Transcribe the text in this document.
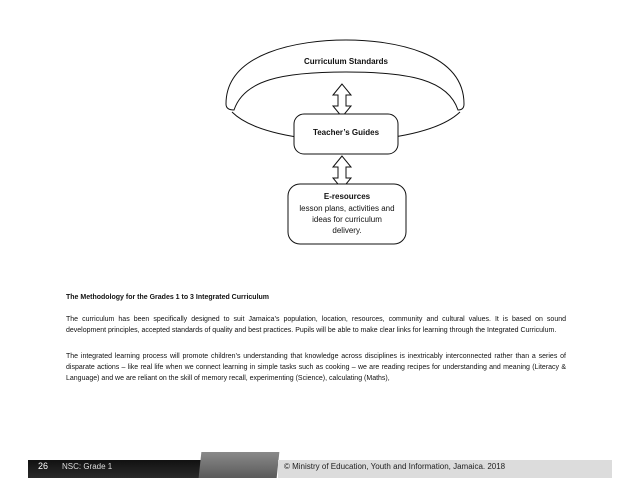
Curriculum Standards
Teacher’s Guides
E-resources
lesson plans, activities and
ideas for curriculum
delivery.
The Methodology for the Grades 1 to 3 Integrated Curriculum
The curriculum has been specifically designed to suit Jamaica’s population, location, resources, community and cultural values. It is based on sound development principles, accepted standards of quality and best practices. Pupils will be able to make clear links for learning through the Integrated Curriculum.
The integrated learning process will promote children’s understanding that knowledge across disciplines is inextricably interconnected rather than a series of disparate actions – like real life when we connect learning in simple tasks such as cooking – we are reading recipes for understanding and meaning (Literacy & Language) and we are reliant on the skill of memory recall, experimenting (Science), calculating (Maths),
26 NSC: Grade 1	© Ministry of Education, Youth and Information, Jamaica. 2018
